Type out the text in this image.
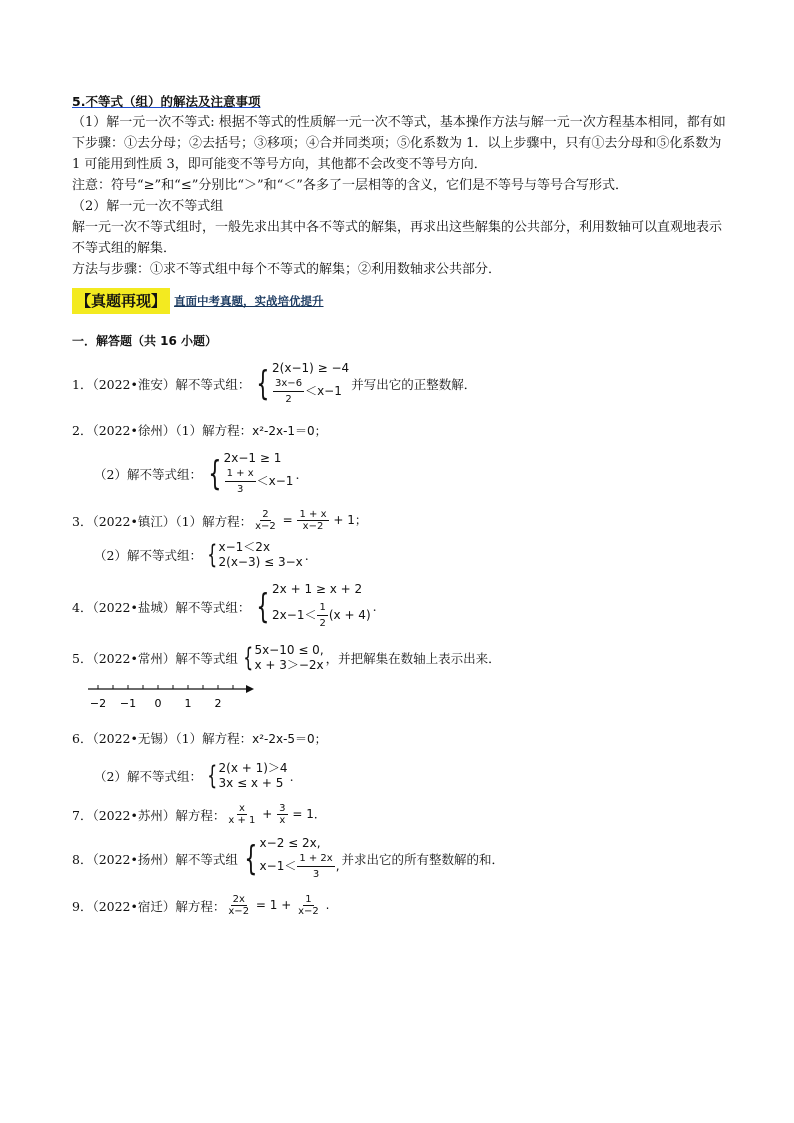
5.不等式（组）的解法及注意事项
（1）解一元一次不等式: 根据不等式的性质解一元一次不等式，基本操作方法与解一元一次方程基本相同，都有如下步骤：①去分母；②去括号；③移项；④合并同类项；⑤化系数为 1．以上步骤中，只有①去分母和⑤化系数为 1 可能用到性质 3，即可能变不等号方向，其他都不会改变不等号方向．
注意：符号“≥”和“≤”分别比“＞”和“＜”各多了一层相等的含义，它们是不等号与等号合写形式．
（2）解一元一次不等式组
解一元一次不等式组时，一般先求出其中各不等式的解集，再求出这些解集的公共部分，利用数轴可以直观地表示不等式组的解集．
方法与步骤：①求不等式组中每个不等式的解集；②利用数轴求公共部分．
【真题再现】 直面中考真题，实战培优提升
一．解答题（共 16 小题）
1．（2022•淮安）解不等式组： { 2(x−1) ≥ −4
$\frac{3x-6}{2} <x-1$ 并写出它的正整数解．
2．（2022•徐州）（1）解方程： x²-2x-1＝0；
（2）解不等式组： { 2x−1 ≥ 1
$\frac{1 + x}{3} <x-1$ .
3．（2022•镇江）（1）解方程： $\frac{2}{x-2} = \frac{1 + x}{x-2} + 1$；
（2）解不等式组： { x−1＜2x
2(x−3) ≤ 3−x .
4．（2022•盐城）解不等式组： { 2x + 1 ≥ x + 2
$2x-1< \frac{1}{2} (x + 4)$
.
5．（2022•常州）解不等式组 { 5x−10 ≤ 0,
x + 3＞−2x ，并把解集在数轴上表示出来．
−2 −1 0 1 2
6．（2022•无锡）（1）解方程： x²-2x-5＝0；
（2）解不等式组： { 2(x + 1)＞4
3x ≤ x + 5 .
7．（2022•苏州）解方程： $\frac{x}{x + 1} + \frac{3}{x} = 1$．
8．（2022•扬州）解不等式组 { x−2 ≤ 2x,
$x-1< \frac{1 + 2x}{3}$ , 并求出它的所有整数解的和．
9．（2022•宿迁）解方程： $\frac{2x}{x-2} = 1 + \frac{1}{x-2}$ .
